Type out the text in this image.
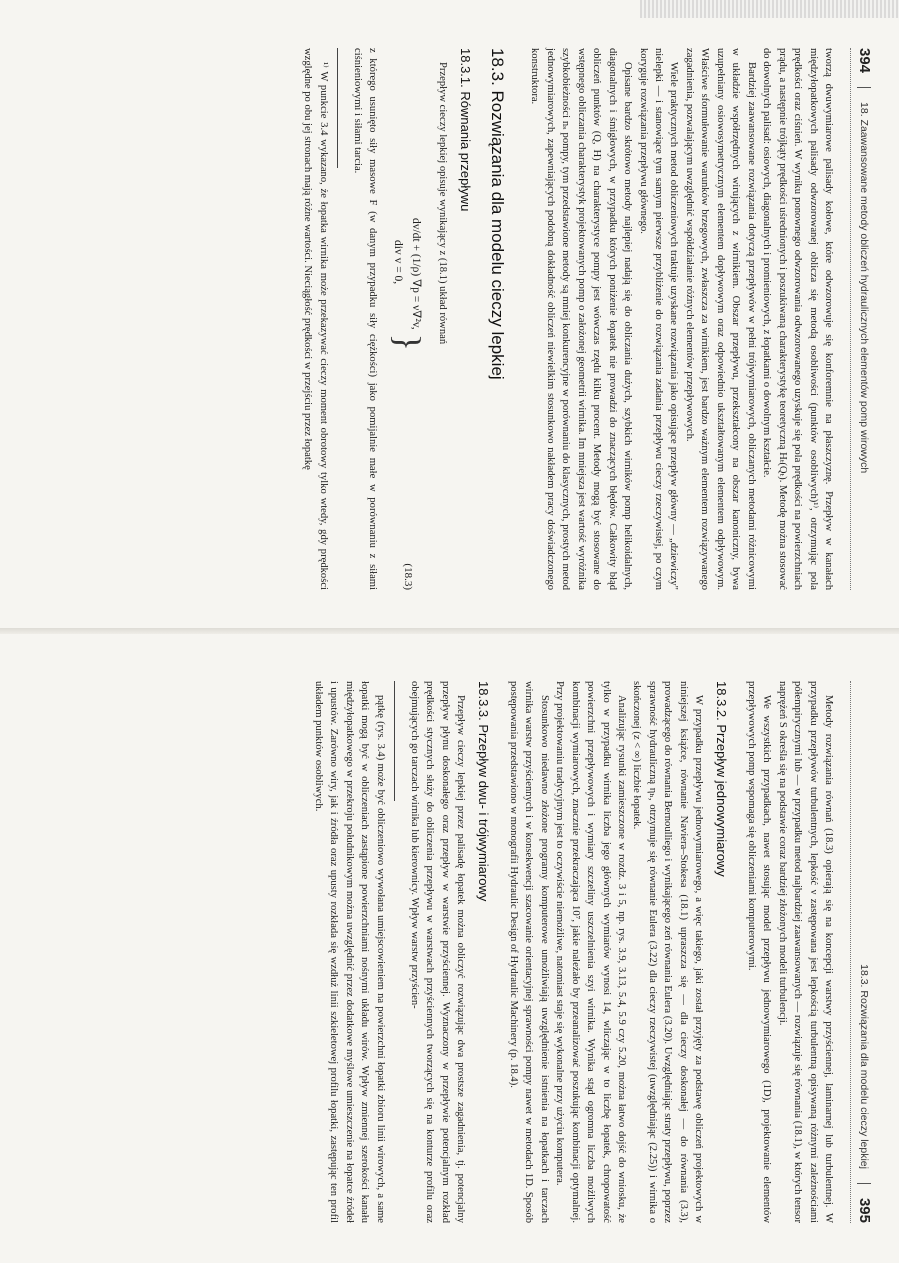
394
18. Zaawansowane metody obliczeń hydraulicznych elementów pomp wirowych

tworzą dwuwymiarowe palisady kołowe, które odwzorowuje się konforemnie na płaszczyznę. Przepływ w kanałach międzyłopatkowych palisady odwzorowanej oblicza się metodą osobliwości (punktów osobliwych)¹⁾, otrzymując pola prędkości oraz ciśnień. W wyniku ponownego odwzorowania odwzorowanego uzyskuje się pola prędkości na powierzchniach prądu, a następnie trójkąty prędkości uśrednionych i poszukiwaną charakterystykę teoretyczną Hₜ(Qₜ). Metodę można stosować do dowolnych palisad: osiowych, diagonalnych i promieniowych, z łopatkami o dowolnym kształcie.

Bardziej zaawansowane rozwiązania dotyczą przepływów w pełni trójwymiarowych, obliczanych metodami różnicowymi w układzie współrzędnych wirujących z wirnikiem. Obszar przepływu, przekształcony na obszar kanoniczny, bywa uzupełniany osiowosymetrycznym elementem dopływowym oraz odpowiednio ukształtowanym elementem odpływowym. Właściwe sformułowanie warunków brzegowych, zwłaszcza za wirnikiem, jest bardzo ważnym elementem rozwiązywanego zagadnienia, pozwalającym uwzględnić współdziałanie różnych elementów przepływowych.

Wiele praktycznych metod obliczeniowych traktuje uzyskane rozwiązania jako opisujące przepływ główny — „dziewiczy" nielepki — i stanowiące tym samym pierwsze przybliżenie do rozwiązania zadania przepływu cieczy rzeczywistej, po czym koryguje rozwiązania przepływu głównego.

Opisane bardzo skrótowo metody najlepiej nadają się do obliczania dużych, szybkich wirników pomp helikoidalnych, diagonalnych i śmigłowych, w przypadku których poniżenie łopatek nie prowadzi do znaczących błędów. Całkowity błąd obliczeń punktów (Q, H) na charakterystyce pompy jest wówczas rzędu kilku procent. Metody mogą być stosowane do wstępnego obliczania charakterystyk projektowanych pomp o założonej geometrii wirnika. Im mniejsza jest wartość wyróżnika szybkobieżności nₛ pompy, tym przedstawione metody są mniej konkurencyjne w porównaniu do klasycznych, prostych metod jednowymiarowych, zapewniających podobną dokładność obliczeń niewielkim stosunkowo nakładem pracy doświadczonego konstruktora.

18.3. Rozwiązania dla modelu cieczy lepkiej
18.3.1. Równania przepływu

Przepływ cieczy lepkiej opisuje wynikający z (18.1) układ równań

dv/dt + (1/ρ) ∇p = ν∇²v,
div v = 0,
}
(18.3)

z którego usunięto siły masowe F (w danym przypadku siły ciężkości) jako pomijalnie małe w porównaniu z siłami ciśnieniowymi i siłami tarcia.

¹⁾ W punkcie 3.4 wykazano, że łopatka wirnika może przekazywać cieczy moment obrotowy tylko wtedy, gdy prędkości względne po obu jej stronach mają różne wartości. Nieciągłość prędkości w przejściu przez łopatkę

18.3. Rozwiązania dla modelu cieczy lepkiej
395

Metody rozwiązania równań (18.3) opierają się na koncepcji warstwy przyściennej, laminarnej lub turbulentnej. W przypadku przepływów turbulentnych, lepkość ν zastępowana jest lepkością turbulentną opisywaną różnymi zależnościami półempirycznymi lub — w przypadku metod najbardziej zaawansowanych — rozwiązuje się równania (18.1), w których tensor naprężeń S określa się na podstawie coraz bardziej złożonych modeli turbulencji.

We wszystkich przypadkach, nawet stosując model przepływu jednowymiarowego (1D), projektowanie elementów przepływowych pomp wspomaga się obliczeniami komputerowymi.

18.3.2. Przepływ jednowymiarowy

W przypadku przepływu jednowymiarowego, a więc takiego, jaki został przyjęty za podstawę obliczeń projektowych w niniejszej książce, równanie Naviera–Stokesa (18.1) upraszcza się — dla cieczy doskonałej — do równania (3.3), prowadzącego do równania Bernoulliego i wynikającego zeń równania Eulera (3.20). Uwzględniając straty przepływu, poprzez sprawność hydrauliczną ηₕ, otrzymuje się równanie Eulera (3.22) dla cieczy rzeczywistej (uwzględniając (2.25)) i wirnika o skończonej (z < ∞) liczbie łopatek.

Analizując rysunki zamieszczone w rozdz. 3 i 5, np. rys. 3.9, 3.13, 5.4, 5.9 czy 5.20, można łatwo dojść do wniosku, że tylko w przypadku wirnika liczba jego głównych wymiarów wynosi 14, wliczając w to liczbę łopatek, chropowatość powierzchni przepływowych i wymiary szczeliny uszczelnienia szyi wirnika. Wynika stąd ogromna liczba możliwych kombinacji wymiarowych, znacznie przekraczająca 10⁷, jakie należało by przeanalizować poszukując kombinacji optymalnej. Przy projektowaniu tradycyjnym jest to oczywiście niemożliwe, natomiast staje się wykonalne przy użyciu komputera.

Stosunkowo niedawno złożone programy komputerowe umożliwiają uwzględnienie istnienia na łopatkach i tarczach wirnika warstw przyściennych i w konsekwencji szacowanie orientacyjnej sprawności pompy nawet w metodach 1D. Sposób postępowania przedstawiono w monografii Hydraulic Design of Hydraulic Machinery (p. 18.4).

18.3.3. Przepływ dwu- i trójwymiarowy

Przepływ cieczy lepkiej przez palisadę łopatek można obliczyć rozwiązując dwa prostsze zagadnienia, tj. potencjalny przepływ płynu doskonałego oraz przepływ w warstwie przyściennej. Wyznaczony w przepływie potencjalnym rozkład prędkości stycznych służy do obliczenia przepływu w warstwach przyściennych tworzących się na konturze profilu oraz obejmujących go tarczach wirnika lub kierownicy. Wpływ warstw przyścien-

pątkę (rys. 3.4) może być obliczeniowo wywołana umiejscowieniem na powierzchni łopatki zbioru linii wirowych, a same łopatki mogą być w obliczeniach zastąpione powierzchniami nośnymi układu wirów. Wpływ zmiennej szerokości kanału międzyłopatkowego w przekroju południkowym można uwzględnić przez dodatkowe myślowe umieszczenie na łopatce źródeł i upustów. Zarówno wiry, jak i źródła oraz upusty rozkłada się wzdłuż linii szkieletowej profilu łopatki, zastępując ten profil układem punktów osobliwych.
